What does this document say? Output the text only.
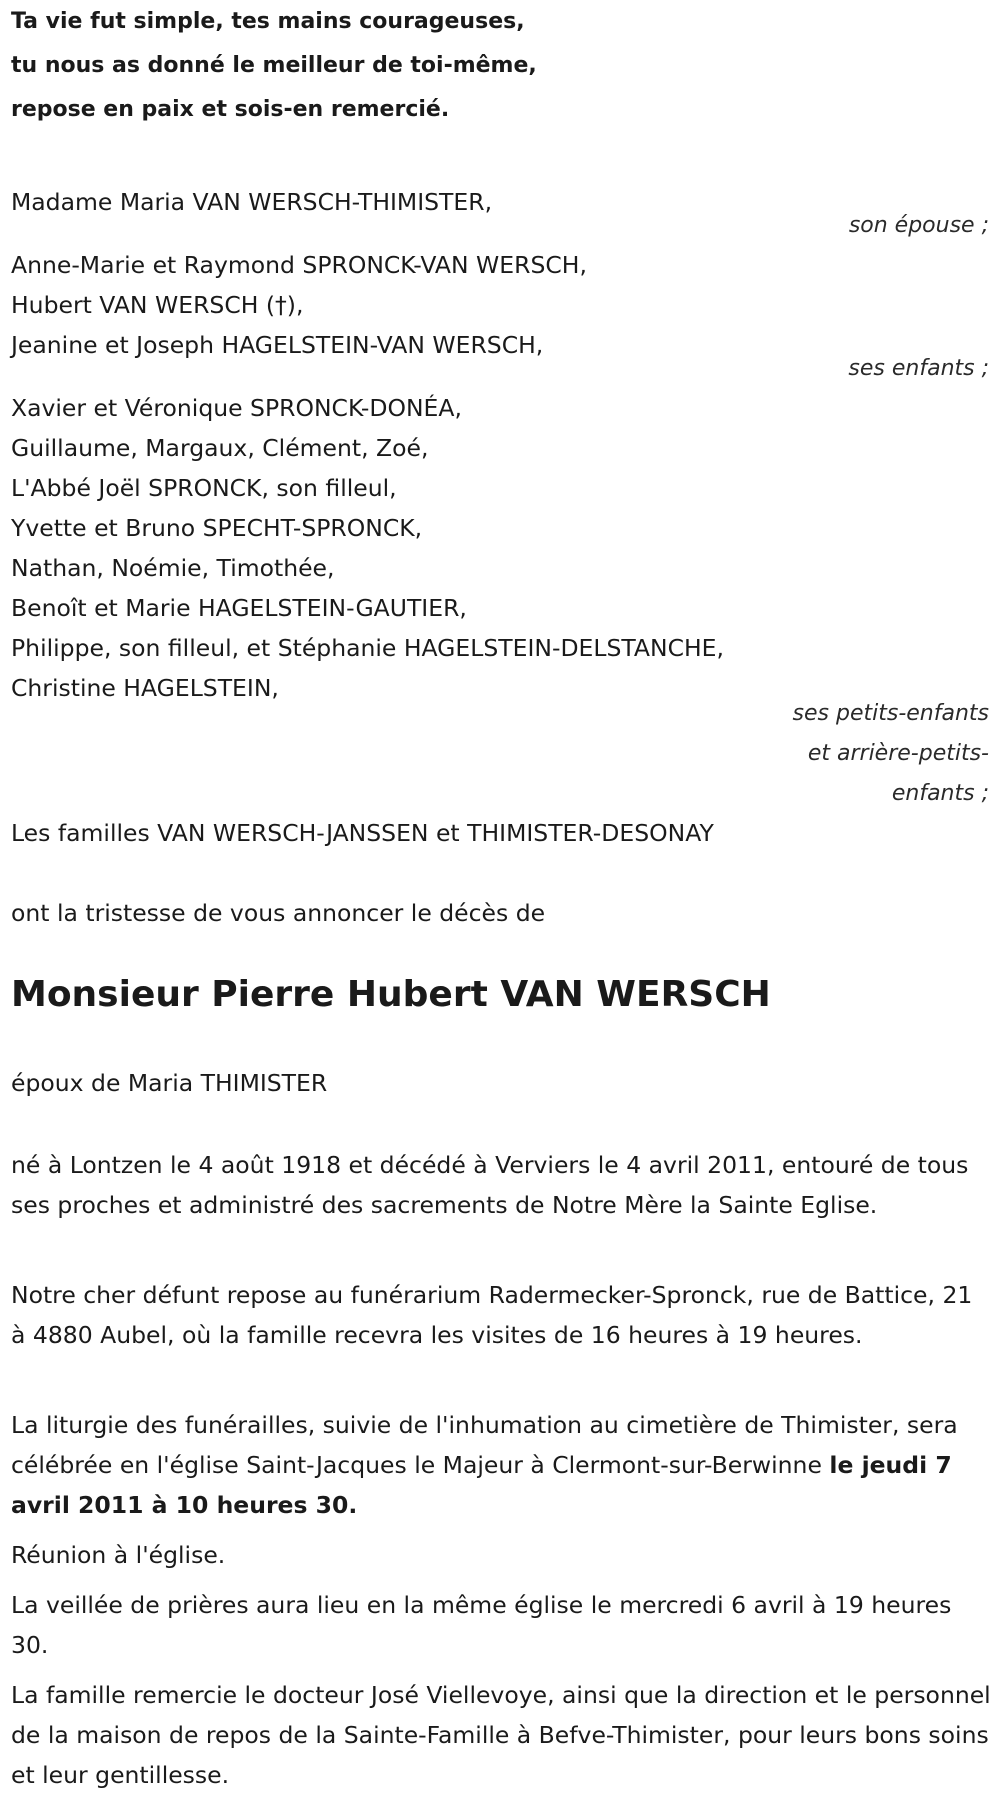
Ta vie fut simple, tes mains courageuses,
tu nous as donné le meilleur de toi-même,
repose en paix et sois-en remercié.
Madame Maria VAN WERSCH-THIMISTER,
son épouse ;
Anne-Marie et Raymond SPRONCK-VAN WERSCH,
Hubert VAN WERSCH (†),
Jeanine et Joseph HAGELSTEIN-VAN WERSCH,
ses enfants ;
Xavier et Véronique SPRONCK-DONÉA,
Guillaume, Margaux, Clément, Zoé,
L'Abbé Joël SPRONCK, son filleul,
Yvette et Bruno SPECHT-SPRONCK,
Nathan, Noémie, Timothée,
Benoît et Marie HAGELSTEIN-GAUTIER,
Philippe, son filleul, et Stéphanie HAGELSTEIN-DELSTANCHE,
Christine HAGELSTEIN,
ses petits-enfants
et arrière-petits-
enfants ;
Les familles VAN WERSCH-JANSSEN et THIMISTER-DESONAY
ont la tristesse de vous annoncer le décès de
Monsieur Pierre Hubert VAN WERSCH
époux de Maria THIMISTER

né à Lontzen le 4 août 1918 et décédé à Verviers le 4 avril 2011, entouré de tous ses proches et administré des sacrements de Notre Mère la Sainte Eglise.

Notre cher défunt repose au funérarium Radermecker-Spronck, rue de Battice, 21 à 4880 Aubel, où la famille recevra les visites de 16 heures à 19 heures.

La liturgie des funérailles, suivie de l'inhumation au cimetière de Thimister, sera célébrée en l'église Saint-Jacques le Majeur à Clermont-sur-Berwinne le jeudi 7 avril 2011 à 10 heures 30.

Réunion à l'église.

La veillée de prières aura lieu en la même église le mercredi 6 avril à 19 heures 30.

La famille remercie le docteur José Viellevoye, ainsi que la direction et le personnel de la maison de repos de la Sainte-Famille à Befve-Thimister, pour leurs bons soins et leur gentillesse.
